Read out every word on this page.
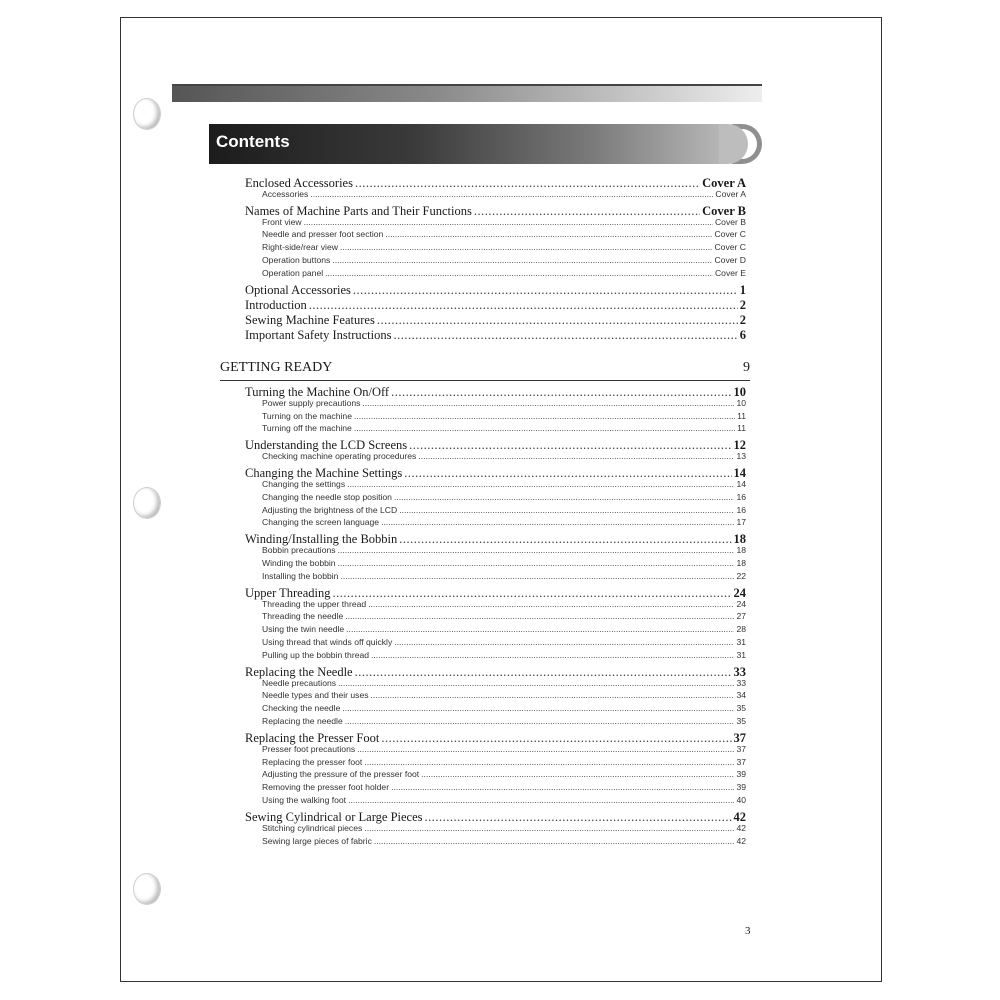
Contents
Enclosed Accessories .....	Cover A
Accessories .....	Cover A
Names of Machine Parts and Their Functions .....	Cover B
Front view .....	Cover B
Needle and presser foot section .....	Cover C
Right-side/rear view .....	Cover C
Operation buttons .....	Cover D
Operation panel .....	Cover E
Optional Accessories .....	1
Introduction .....	2
Sewing Machine Features .....	2
Important Safety Instructions .....	6
GETTING READY	9
Turning the Machine On/Off .....	10
Power supply precautions .....	10
Turning on the machine .....	11
Turning off the machine .....	11
Understanding the LCD Screens .....	12
Checking machine operating procedures .....	13
Changing the Machine Settings .....	14
Changing the settings .....	14
Changing the needle stop position .....	16
Adjusting the brightness of the LCD .....	16
Changing the screen language .....	17
Winding/Installing the Bobbin .....	18
Bobbin precautions .....	18
Winding the bobbin .....	18
Installing the bobbin .....	22
Upper Threading .....	24
Threading the upper thread .....	24
Threading the needle .....	27
Using the twin needle .....	28
Using thread that winds off quickly .....	31
Pulling up the bobbin thread .....	31
Replacing the Needle .....	33
Needle precautions .....	33
Needle types and their uses .....	34
Checking the needle .....	35
Replacing the needle .....	35
Replacing the Presser Foot .....	37
Presser foot precautions .....	37
Replacing the presser foot .....	37
Adjusting the pressure of the presser foot .....	39
Removing the presser foot holder .....	39
Using the walking foot .....	40
Sewing Cylindrical or Large Pieces .....	42
Stitching cylindrical pieces .....	42
Sewing large pieces of fabric .....	42
3
